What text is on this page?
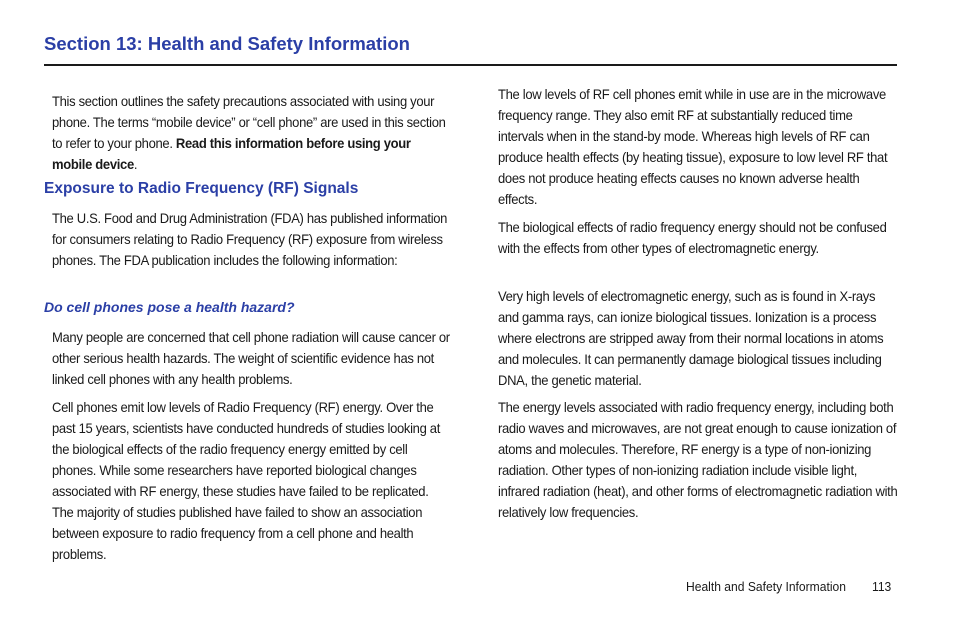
Section 13: Health and Safety Information

This section outlines the safety precautions associated with using your phone. The terms “mobile device” or “cell phone” are used in this section to refer to your phone. Read this information before using your mobile device.

Exposure to Radio Frequency (RF) Signals

The U.S. Food and Drug Administration (FDA) has published information for consumers relating to Radio Frequency (RF) exposure from wireless phones. The FDA publication includes the following information:

Do cell phones pose a health hazard?

Many people are concerned that cell phone radiation will cause cancer or other serious health hazards. The weight of scientific evidence has not linked cell phones with any health problems.

Cell phones emit low levels of Radio Frequency (RF) energy. Over the past 15 years, scientists have conducted hundreds of studies looking at the biological effects of the radio frequency energy emitted by cell phones. While some researchers have reported biological changes associated with RF energy, these studies have failed to be replicated. The majority of studies published have failed to show an association between exposure to radio frequency from a cell phone and health problems.

The low levels of RF cell phones emit while in use are in the microwave frequency range. They also emit RF at substantially reduced time intervals when in the stand-by mode. Whereas high levels of RF can produce health effects (by heating tissue), exposure to low level RF that does not produce heating effects causes no known adverse health effects.

The biological effects of radio frequency energy should not be confused with the effects from other types of electromagnetic energy.

Very high levels of electromagnetic energy, such as is found in X-rays and gamma rays, can ionize biological tissues. Ionization is a process where electrons are stripped away from their normal locations in atoms and molecules. It can permanently damage biological tissues including DNA, the genetic material.

The energy levels associated with radio frequency energy, including both radio waves and microwaves, are not great enough to cause ionization of atoms and molecules. Therefore, RF energy is a type of non-ionizing radiation. Other types of non-ionizing radiation include visible light, infrared radiation (heat), and other forms of electromagnetic radiation with relatively low frequencies.

Health and Safety Information 113
